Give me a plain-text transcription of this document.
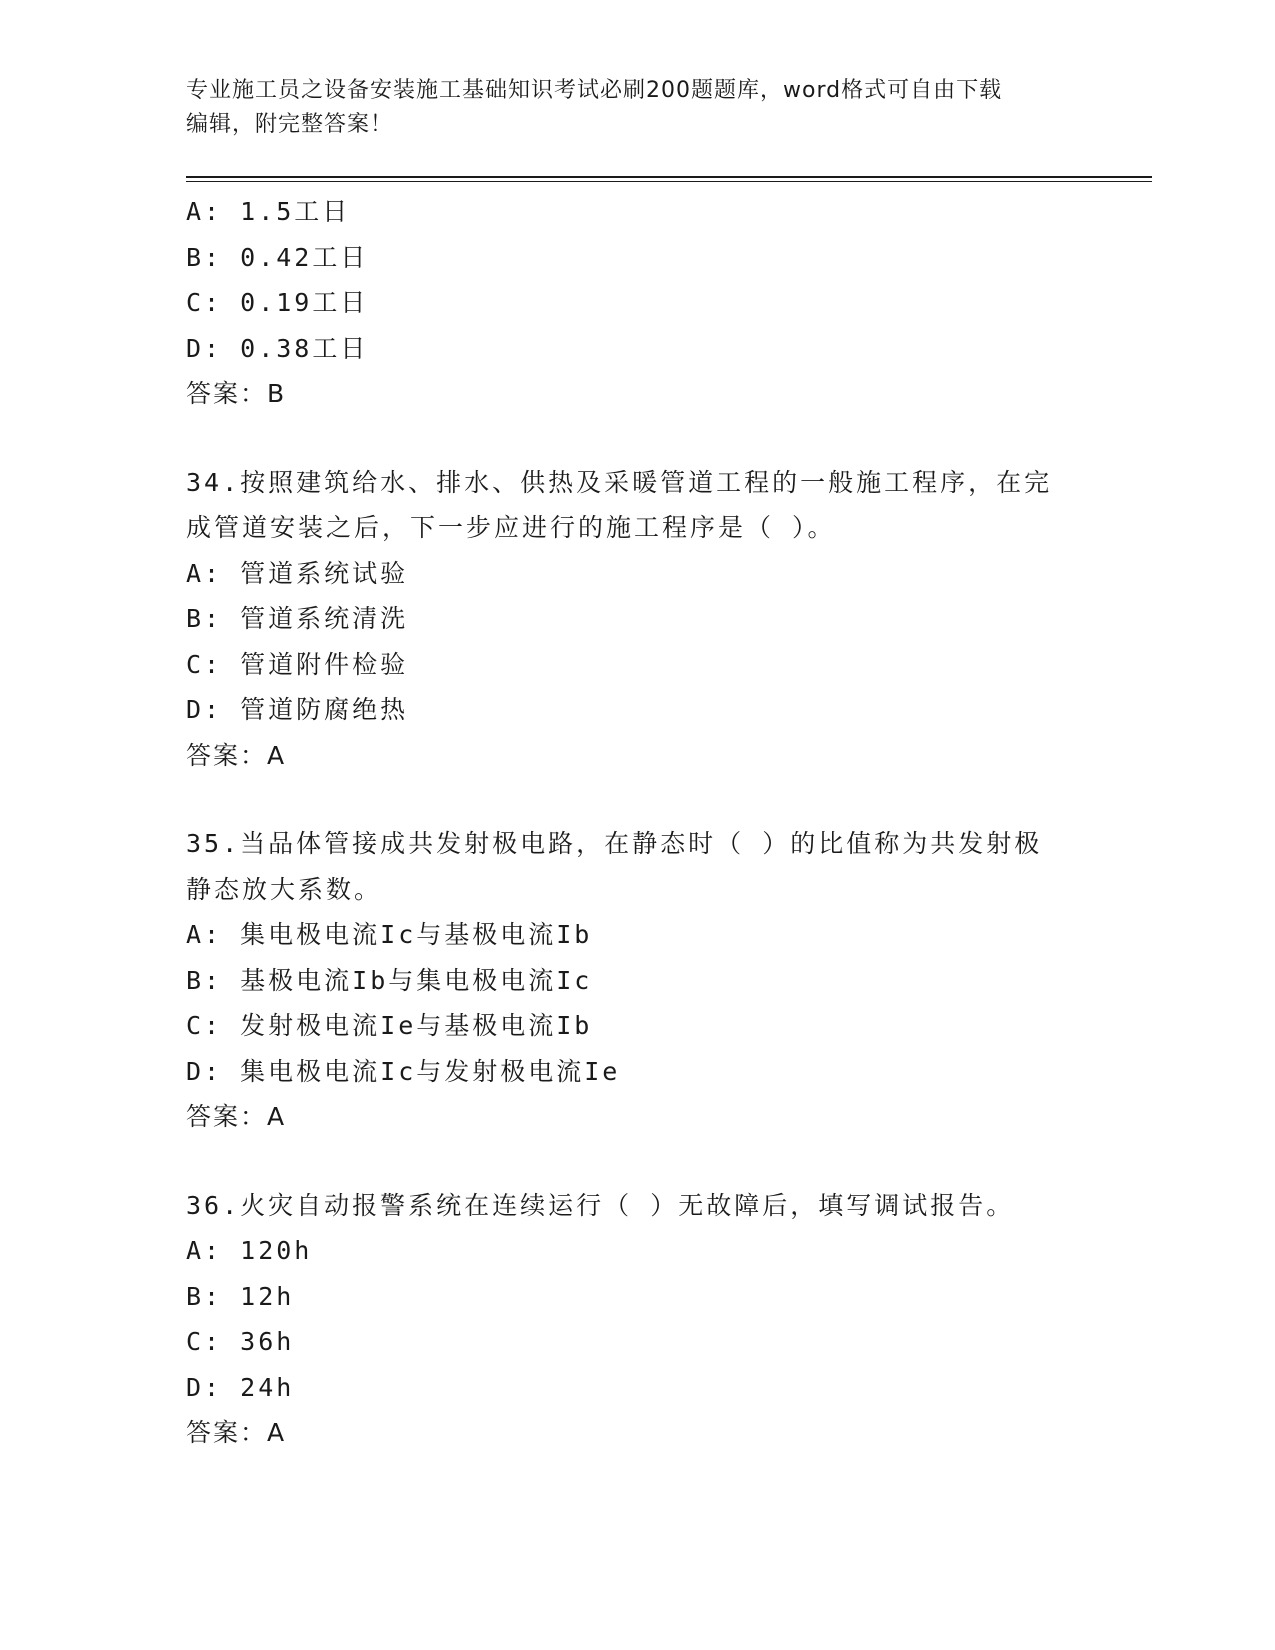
专业施工员之设备安装施工基础知识考试必刷200题题库，word格式可自由下载
编辑，附完整答案！
A: 1.5工日
B: 0.42工日
C: 0.19工日
D: 0.38工日
答案：B
34.按照建筑给水、排水、供热及采暖管道工程的一般施工程序，在完
成管道安装之后，下一步应进行的施工程序是（ ）。
A: 管道系统试验
B: 管道系统清洗
C: 管道附件检验
D: 管道防腐绝热
答案：A
35.当品体管接成共发射极电路，在静态时（ ）的比值称为共发射极
静态放大系数。
A: 集电极电流Ic与基极电流Ib
B: 基极电流Ib与集电极电流Ic
C: 发射极电流Ie与基极电流Ib
D: 集电极电流Ic与发射极电流Ie
答案：A
36.火灾自动报警系统在连续运行（ ）无故障后，填写调试报告。
A: 120h
B: 12h
C: 36h
D: 24h
答案：A
